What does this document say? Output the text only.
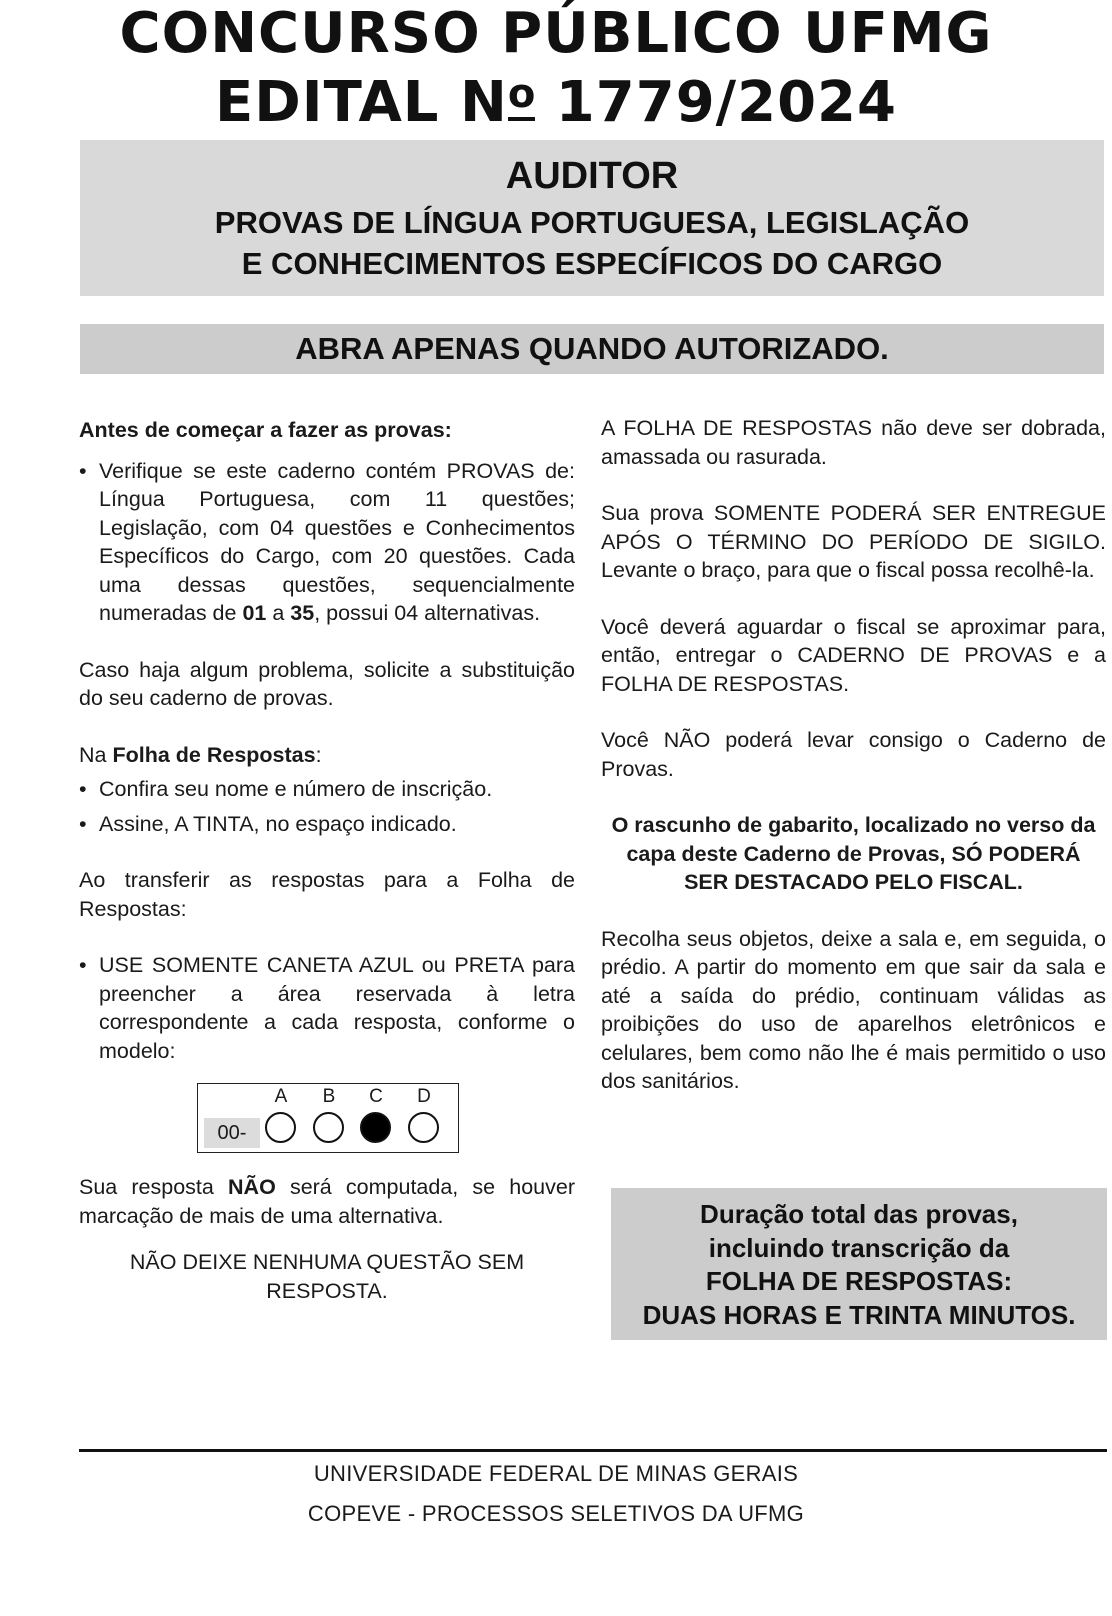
CONCURSO PÚBLICO UFMG
EDITAL $N^o$ 1779/2024
AUDITOR
PROVAS DE LÍNGUA PORTUGUESA, LEGISLAÇÃO
E CONHECIMENTOS ESPECÍFICOS DO CARGO
ABRA APENAS QUANDO AUTORIZADO.

Antes de começar a fazer as provas:

• Verifique se este caderno contém PROVAS de: Língua Portuguesa, com 11 questões; Legislação, com 04 questões e Conhecimentos Específicos do Cargo, com 20 questões. Cada uma dessas questões, sequencialmente numeradas de 01 a 35, possui 04 alternativas.

Caso haja algum problema, solicite a substituição do seu caderno de provas.

Na Folha de Respostas:

• Confira seu nome e número de inscrição.

• Assine, A TINTA, no espaço indicado.

Ao transferir as respostas para a Folha de Respostas:

• USE SOMENTE CANETA AZUL ou PRETA para preencher a área reservada à letra correspondente a cada resposta, conforme o modelo:

00-
A	B	C	D

Sua resposta NÃO será computada, se houver marcação de mais de uma alternativa.

NÃO DEIXE NENHUMA QUESTÃO SEM RESPOSTA.

A FOLHA DE RESPOSTAS não deve ser dobrada, amassada ou rasurada.

Sua prova SOMENTE PODERÁ SER ENTREGUE APÓS O TÉRMINO DO PERÍODO DE SIGILO. Levante o braço, para que o fiscal possa recolhê-la.

Você deverá aguardar o fiscal se aproximar para, então, entregar o CADERNO DE PROVAS e a FOLHA DE RESPOSTAS.

Você NÃO poderá levar consigo o Caderno de Provas.

O rascunho de gabarito, localizado no verso da capa deste Caderno de Provas, SÓ PODERÁ SER DESTACADO PELO FISCAL.

Recolha seus objetos, deixe a sala e, em seguida, o prédio. A partir do momento em que sair da sala e até a saída do prédio, continuam válidas as proibições do uso de aparelhos eletrônicos e celulares, bem como não lhe é mais permitido o uso dos sanitários.

Duração total das provas,
incluindo transcrição da
FOLHA DE RESPOSTAS:
DUAS HORAS E TRINTA MINUTOS.
UNIVERSIDADE FEDERAL DE MINAS GERAIS
COPEVE - PROCESSOS SELETIVOS DA UFMG
